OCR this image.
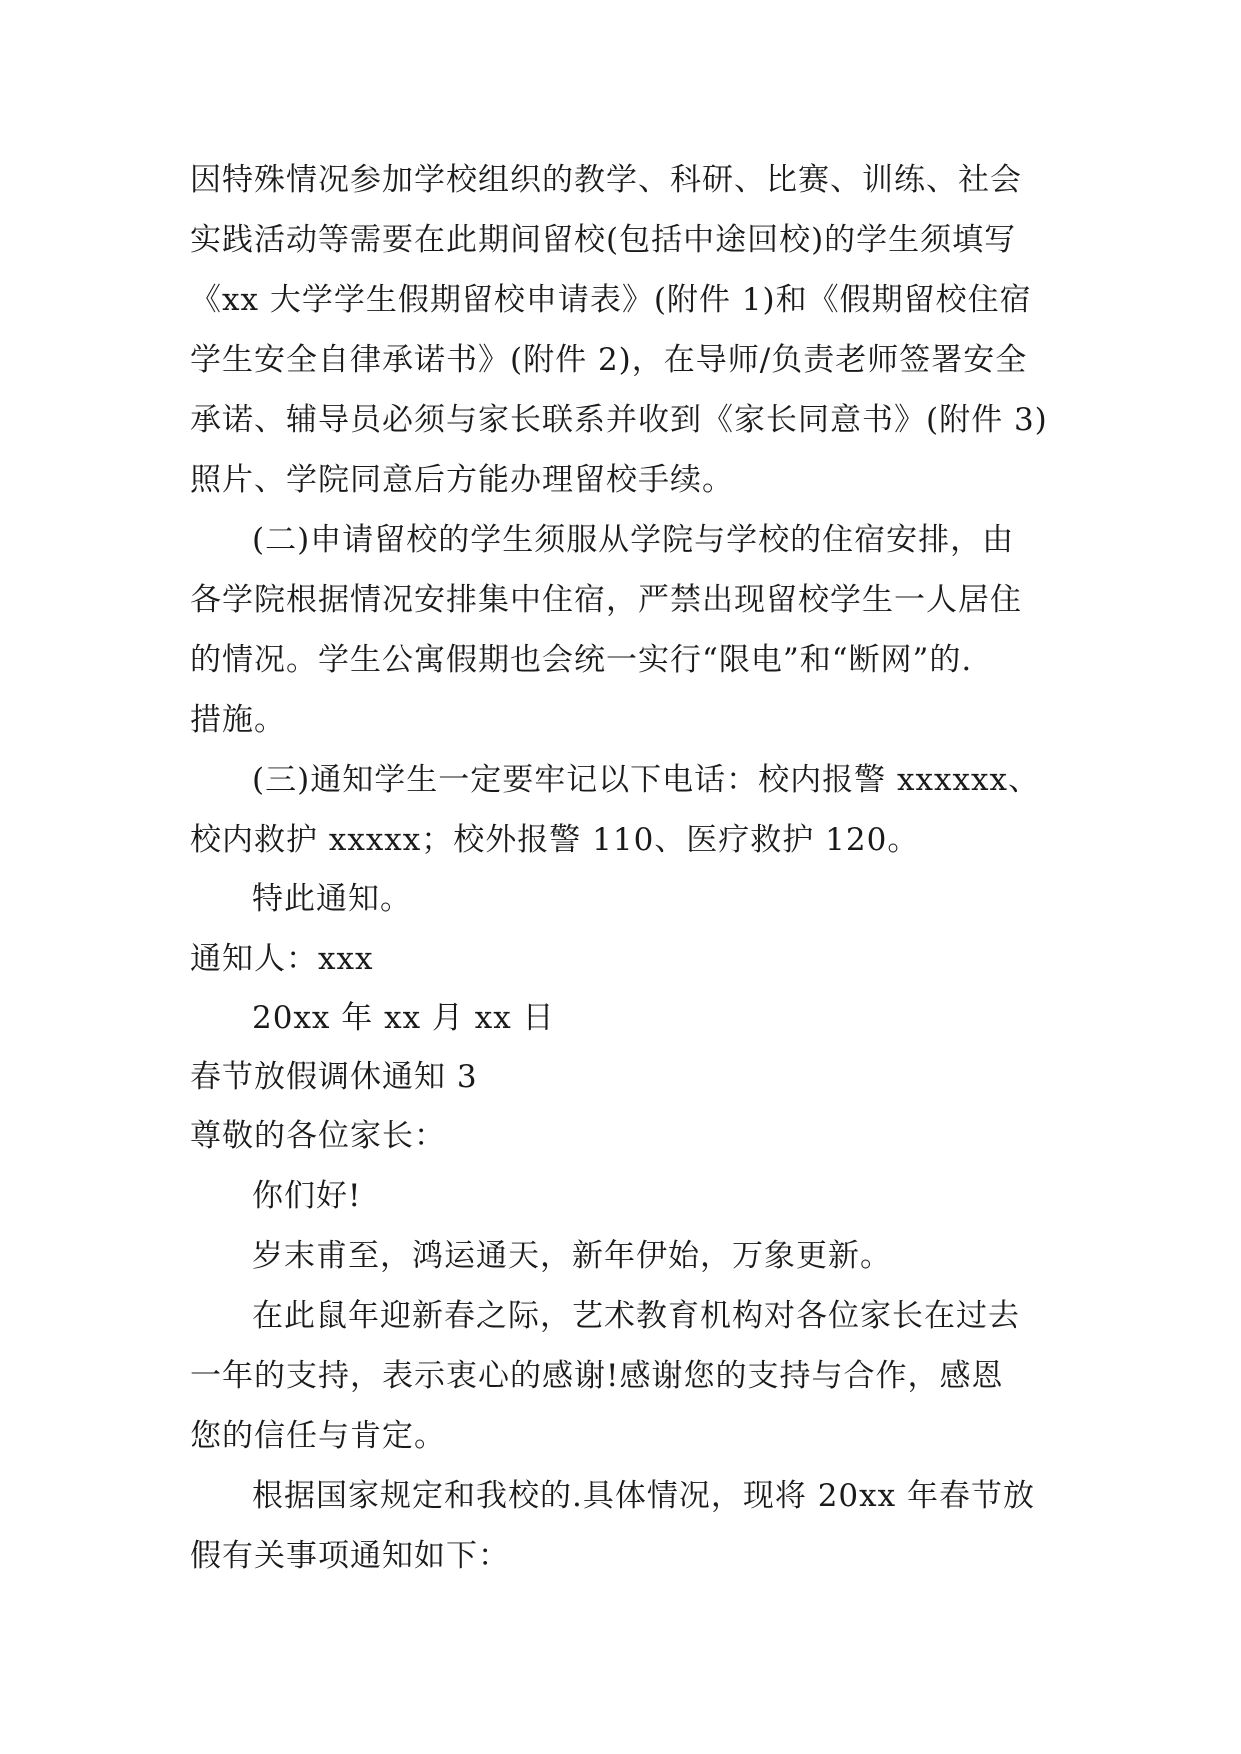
因特殊情况参加学校组织的教学、科研、比赛、训练、社会
实践活动等需要在此期间留校(包括中途回校)的学生须填写
《xx 大学学生假期留校申请表》(附件 1)和《假期留校住宿
学生安全自律承诺书》(附件 2)，在导师/负责老师签署安全
承诺、辅导员必须与家长联系并收到《家长同意书》(附件 3)
照片、学院同意后方能办理留校手续。
(二)申请留校的学生须服从学院与学校的住宿安排，由
各学院根据情况安排集中住宿，严禁出现留校学生一人居住
的情况。学生公寓假期也会统一实行“限电”和“断网”的.
措施。
(三)通知学生一定要牢记以下电话：校内报警 xxxxxx、
校内救护 xxxxx；校外报警 110、医疗救护 120。
特此通知。
通知人：xxx
20xx 年 xx 月 xx 日
春节放假调休通知 3
尊敬的各位家长：
你们好!
岁末甫至，鸿运通天，新年伊始，万象更新。
在此鼠年迎新春之际，艺术教育机构对各位家长在过去
一年的支持，表示衷心的感谢!感谢您的支持与合作，感恩
您的信任与肯定。
根据国家规定和我校的.具体情况，现将 20xx 年春节放
假有关事项通知如下：
